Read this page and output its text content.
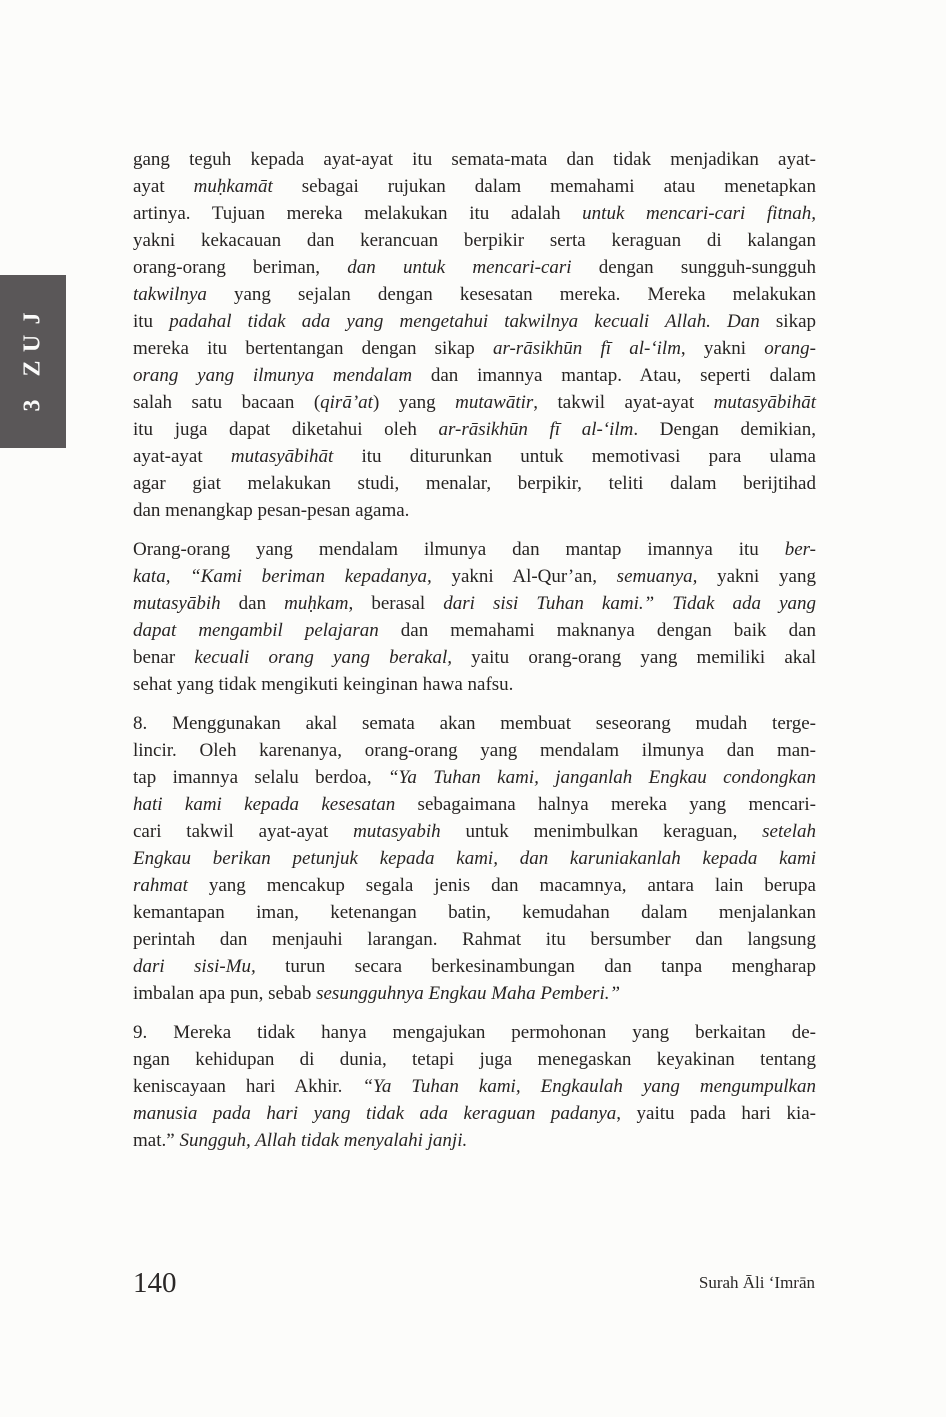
J
U
Z
3
gang teguh kepada ayat-ayat itu semata-mata dan tidak menjadikan ayat-
ayat muḥkamāt sebagai rujukan dalam memahami atau menetapkan
artinya. Tujuan mereka melakukan itu adalah untuk mencari-cari fitnah,
yakni kekacauan dan kerancuan berpikir serta keraguan di kalangan
orang-orang beriman, dan untuk mencari-cari dengan sungguh-sungguh
takwilnya yang sejalan dengan kesesatan mereka. Mereka melakukan
itu padahal tidak ada yang mengetahui takwilnya kecuali Allah. Dan sikap
mereka itu bertentangan dengan sikap ar-rāsikhūn fī al-‘ilm, yakni orang-
orang yang ilmunya mendalam dan imannya mantap. Atau, seperti dalam
salah satu bacaan (qirā’at) yang mutawātir, takwil ayat-ayat mutasyābihāt
itu juga dapat diketahui oleh ar-rāsikhūn fī al-‘ilm. Dengan demikian,
ayat-ayat mutasyābihāt itu diturunkan untuk memotivasi para ulama
agar giat melakukan studi, menalar, berpikir, teliti dalam berijtihad
dan menangkap pesan-pesan agama.
Orang-orang yang mendalam ilmunya dan mantap imannya itu ber-
kata, “Kami beriman kepadanya, yakni Al-Qur’an, semuanya, yakni yang
mutasyābih dan muḥkam, berasal dari sisi Tuhan kami.” Tidak ada yang
dapat mengambil pelajaran dan memahami maknanya dengan baik dan
benar kecuali orang yang berakal, yaitu orang-orang yang memiliki akal
sehat yang tidak mengikuti keinginan hawa nafsu.
8. Menggunakan akal semata akan membuat seseorang mudah terge-
lincir. Oleh karenanya, orang-orang yang mendalam ilmunya dan man-
tap imannya selalu berdoa, “Ya Tuhan kami, janganlah Engkau condongkan
hati kami kepada kesesatan sebagaimana halnya mereka yang mencari-
cari takwil ayat-ayat mutasyabih untuk menimbulkan keraguan, setelah
Engkau berikan petunjuk kepada kami, dan karuniakanlah kepada kami
rahmat yang mencakup segala jenis dan macamnya, antara lain berupa
kemantapan iman, ketenangan batin, kemudahan dalam menjalankan
perintah dan menjauhi larangan. Rahmat itu bersumber dan langsung
dari sisi-Mu, turun secara berkesinambungan dan tanpa mengharap
imbalan apa pun, sebab sesungguhnya Engkau Maha Pemberi.”
9. Mereka tidak hanya mengajukan permohonan yang berkaitan de-
ngan kehidupan di dunia, tetapi juga menegaskan keyakinan tentang
keniscayaan hari Akhir. “Ya Tuhan kami, Engkaulah yang mengumpulkan
manusia pada hari yang tidak ada keraguan padanya, yaitu pada hari kia-
mat.” Sungguh, Allah tidak menyalahi janji.
140	Surah Āli ‘Imrān
